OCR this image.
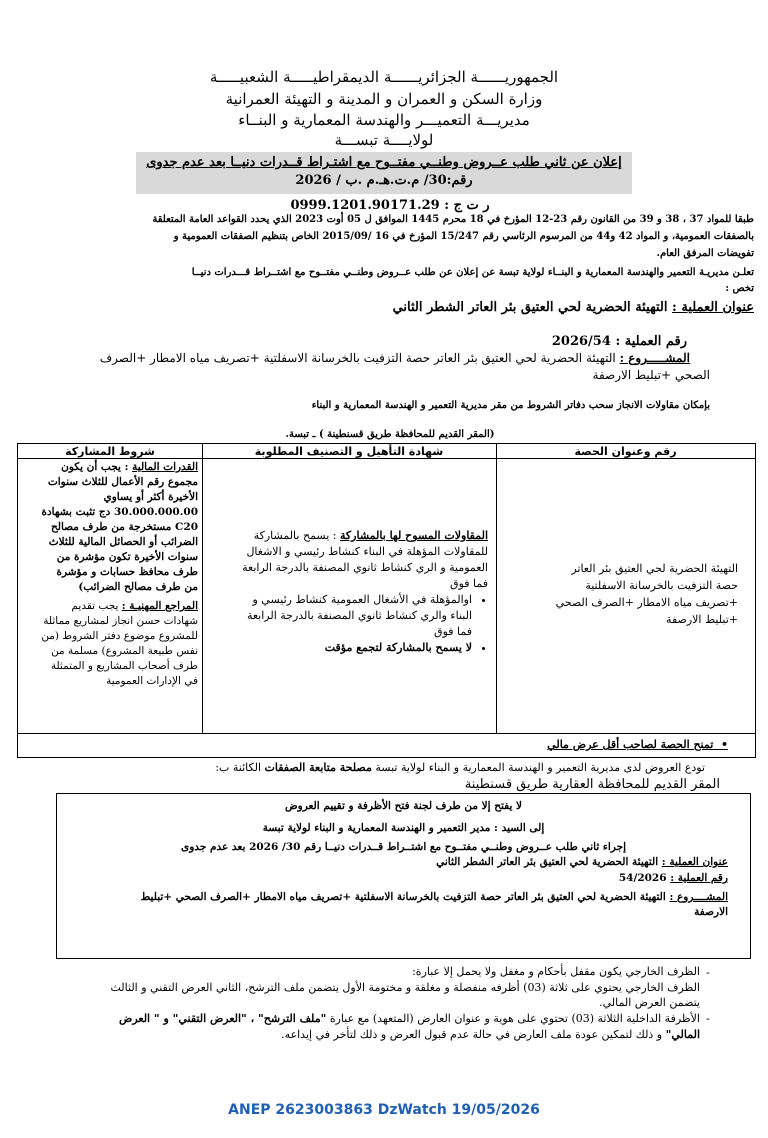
الجمهوريــــــة الجزائريــــــة الديمقراطيـــــة الشعبيـــــة
وزارة السكن و العمران و المدينة و التهيئة العمرانية
مديريـــة التعميـــر والهندسة المعمارية و البنــاء
لولايــــة تبســـة
إعلان عن ثاني طلب عــروض وطنــي مفتــوح مع اشتـراط قــدرات دنيــا بعد عدم جدوى
رقم:30/ م.ت.هـ.م .ب / 2026
ر ت ج : 0999.1201.90171.29
طبقا للمواد 37 ، 38 و 39 من القانون رقم 23-12 المؤرخ في 18 محرم 1445 الموافق ل 05 أوت 2023 الذي يحدد القواعد العامة المتعلقة
بالصفقات العمومية، و المواد 42 و44 من المرسوم الرئاسي رقم 15/247 المؤرخ في 16 /2015/09 الخاص بتنظيم الصفقات العمومية و
تفويضات المرفق العام.
تعلـن مديريـة التعمير والهندسة المعمارية و البنــاء لولاية تبسة عن إعلان عن طلب عــروض وطنــي مفتــوح مع اشتــراط قـــدرات دنيــا
تخص :
عنوان العملية : التهيئة الحضرية لحي العتيق بئر العاتر الشطر الثاني
رقم العملية : 2026/54
المشـــــروع : التهيئة الحضرية لحي العتيق بئر العاتر حصة التزفيت بالخرسانة الاسفلتية +تصريف مياه الامطار +الصرف
الصحي +تبليط الارصفة
بإمكان مقاولات الانجاز سحب دفاتر الشروط من مقر مديرية التعمير و الهندسة المعمارية و البناء
(المقر القديم للمحافظة طريق قسنطينة ) ـ تبسة.
رقم وعنوان الحصة
شهادة التأهيل و التصنيف المطلوبة
شروط المشاركة
التهيئة الحضرية لحي العتيق بئر العاتر
حصة التزفيت بالخرسانة الاسفلتية
+تصريف مياه الامطار +الصرف الصحي
+تبليط الارصفة
المقاولات المسوح لها بالمشاركة : يسمح بالمشاركة للمقاولات المؤهلة في البناء كنشاط رئيسي و الاشغال العمومية و الري كنشاط ثانوي المصنفة بالدرجة الرابعة فما فوق
• اوالمؤهلة في الأشغال العمومية كنشاط رئيسي و البناء والري كنشاط ثانوي المصنفة بالدرجة الرابعة فما فوق
• لا يسمح بالمشاركة لتجمع مؤقت
القدرات المالية : يجب أن يكون مجموع رقم الأعمال للثلاث سنوات الأخيرة أكثر أو يساوي 30.000.000.00 دج تثبت بشهادة C20 مستخرجة من طرف مصالح الضرائب أو الحصائل المالية للثلاث سنوات الأخيرة تكون مؤشرة من طرف محافظ حسابات و مؤشرة من طرف مصالح الضرائب)
المراجع المهنيـة : يجب تقديم شهادات حسن انجاز لمشاريع مماثلة للمشروع موضوع دفتر الشروط (من نفس طبيعة المشروع) مسلمة من طرف أصحاب المشاريع و المتمثلة في الإدارات العمومية
•  تمنح الحصة لصاحب أقل عرض مالي
تودع العروض لدى مديرية التعمير و الهندسة المعمارية و البناء لولاية تبسة مصلحة متابعة الصفقات الكائنة ب:
المقر القديم للمحافظة العقارية طريق قسنطينة
لا يفتح إلا من طرف لجنة فتح الأظرفة و تقييم العروض
إلى السيد : مدير التعمير و الهندسة المعمارية و البناء لولاية تبسة
إجراء ثاني طلب عــروض وطنــي مفتــوح مع اشتــراط قــدرات دنيــا رقم 30/ 2026 بعد عدم جدوى
عنوان العملية : التهيئة الحضرية لحي العتيق بئر العاتر الشطر الثاني
رقم العملية : 54/2026
المشــــروع : التهيئة الحضرية لحي العتيق بئر العاتر حصة التزفيت بالخرسانة الاسفلتية +تصريف مياه الامطار +الصرف الصحي +تبليط
الارصفة
الظرف الخارجي يكون مقفل بأحكام و مغفل ولا يحمل إلا عبارة:
الظرف الخارجي يحتوي على ثلاثة (03) أظرفه منفصلة و مغلقة و مختومة الأول يتضمن ملف الترشح، الثاني العرض التقني و الثالث
يتضمن العرض المالي.
الأظرفة الداخلية الثلاثة (03) تحتوي على هوية و عنوان العارض (المتعهد) مع عبارة "ملف الترشح" ، "العرض التقني" و " العرض
المالي" و ذلك لتمكين عودة ملف العارض في حالة عدم قبول العرض و ذلك لتأخر في إيداعه.
-
-
ANEP 2623003863 DzWatch 19/05/2026
